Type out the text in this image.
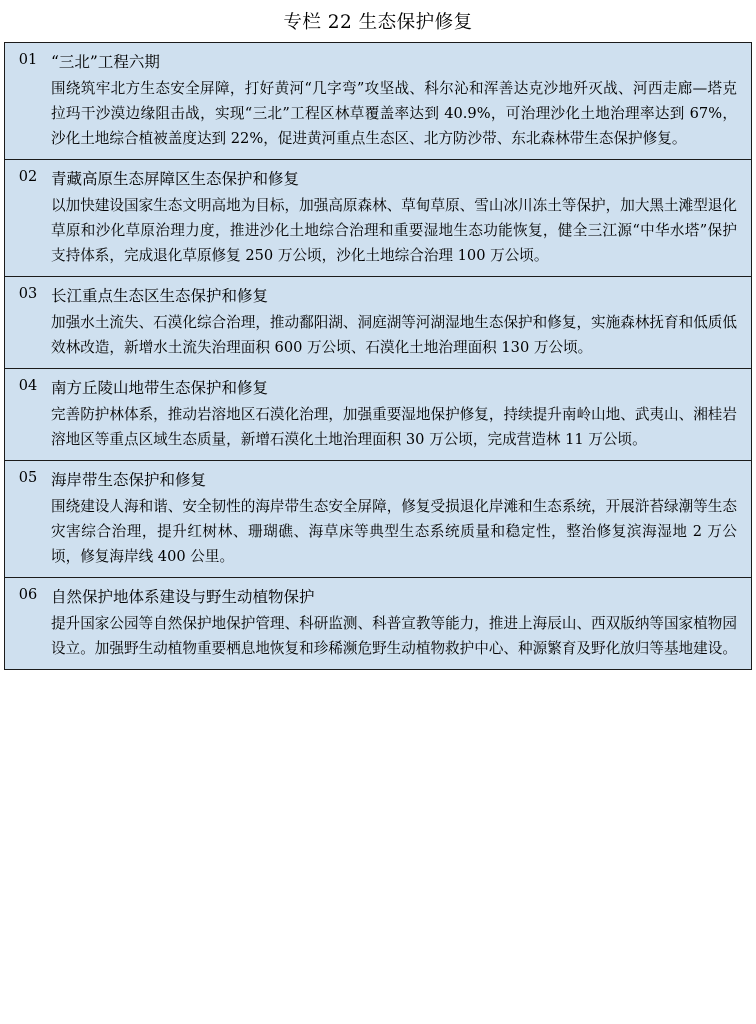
专栏 22 生态保护修复
01 “三北”工程六期
围绕筑牢北方生态安全屏障，打好黄河“几字弯”攻坚战、科尔沁和浑善达克沙地歼灭战、河西走廊—塔克拉玛干沙漠边缘阻击战，实现“三北”工程区林草覆盖率达到 40.9%，可治理沙化土地治理率达到 67%，沙化土地综合植被盖度达到 22%，促进黄河重点生态区、北方防沙带、东北森林带生态保护修复。
02 青藏高原生态屏障区生态保护和修复
以加快建设国家生态文明高地为目标，加强高原森林、草甸草原、雪山冰川冻土等保护，加大黑土滩型退化草原和沙化草原治理力度，推进沙化土地综合治理和重要湿地生态功能恢复，健全三江源“中华水塔”保护支持体系，完成退化草原修复 250 万公顷，沙化土地综合治理 100 万公顷。
03 长江重点生态区生态保护和修复
加强水土流失、石漠化综合治理，推动鄱阳湖、洞庭湖等河湖湿地生态保护和修复，实施森林抚育和低质低效林改造，新增水土流失治理面积 600 万公顷、石漠化土地治理面积 130 万公顷。
04 南方丘陵山地带生态保护和修复
完善防护林体系，推动岩溶地区石漠化治理，加强重要湿地保护修复，持续提升南岭山地、武夷山、湘桂岩溶地区等重点区域生态质量，新增石漠化土地治理面积 30 万公顷，完成营造林 11 万公顷。
05 海岸带生态保护和修复
围绕建设人海和谐、安全韧性的海岸带生态安全屏障，修复受损退化岸滩和生态系统，开展浒苔绿潮等生态灾害综合治理，提升红树林、珊瑚礁、海草床等典型生态系统质量和稳定性，整治修复滨海湿地 2 万公顷，修复海岸线 400 公里。
06 自然保护地体系建设与野生动植物保护
提升国家公园等自然保护地保护管理、科研监测、科普宣教等能力，推进上海辰山、西双版纳等国家植物园设立。加强野生动植物重要栖息地恢复和珍稀濒危野生动植物救护中心、种源繁育及野化放归等基地建设。
